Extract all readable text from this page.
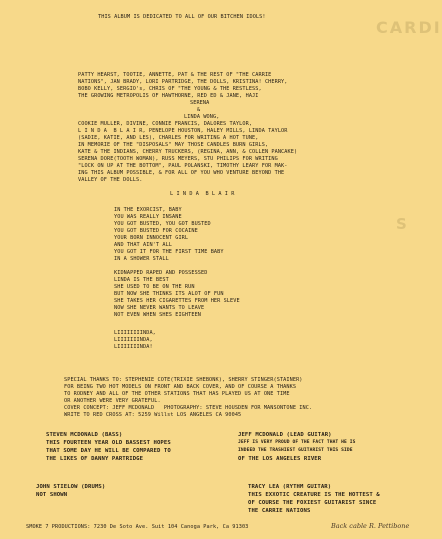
CARDI
S
THIS ALBUM IS DEDICATED TO ALL OF OUR BITCHEN IDOLS!
PATTY HEARST, TOOTIE, ANNETTE, PAT & THE REST OF "THE CARRIE
NATIONS", JAN BRADY, LORI PARTRIDGE, THE DOLLS, KRISTINA! CHERRY,
BOBO KELLY, SERGIO's, CHRIS OF "THE YOUNG & THE RESTLESS,
THE GROWING METROPOLIS OF HAWTHORNE, RED ED & JANE, HAJI
SERENA
&
LINDA WONG,
COOKIE MULLER, DIVINE, CONNIE FRANCIS, DALORES TAYLOR,
L I N D A  B L A I R, PENELOPE HOUSTON, HALEY MILLS, LINDA TAYLOR
(SADIE, KATIE, AND LES), CHARLES FOR WRITING A HOT TUNE,
IN MEMORIE OF THE "DISPOSALS" MAY THOSE CANDLES BURN GIRLS,
KATE & THE INDIANS, CHERRY TRUCKERS, (REGINA, ANN, & COLLEN PANCAKE)
SERENA DORE(TOOTH WOMAN), RUSS MEYERS, STU PHILIPS FOR WRITING
"LOCK ON UP AT THE BOTTOM", PAUL POLANSKI, TIMOTHY LEARY FOR MAK-
ING THIS ALBUM POSSIBLE, & FOR ALL OF YOU WHO VENTURE BEYOND THE
VALLEY OF THE DOLLS.
L I N D A  B L A I R
IN THE EXORCIST, BABY
YOU WAS REALLY INSANE
YOU GOT BUSTED, YOU GOT BUSTED
YOU GOT BUSTED FOR COCAINE
YOUR BORN INNOCENT GIRL
AND THAT AIN'T ALL
YOU GOT IT FOR THE FIRST TIME BABY
IN A SHOWER STALL
KIDNAPPED RAPED AND POSSESSED
LINDA IS THE BEST
SHE USED TO BE ON THE RUN
BUT NOW SHE THINKS ITS ALOT OF FUN
SHE TAKES HER CIGARETTES FROM HER SLEVE
NOW SHE NEVER WANTS TO LEAVE
NOT EVEN WHEN SHES EIGHTEEN
LIIIIIIIINDA,
LIIIIIIINDA,
LIIIIIIINDA!
SPECIAL THANKS TO: STEPHENIE COTE(TRIXIE SHEBONK), SHERRY STINGER(STAINER)
FOR BEING TWO HOT MODELS ON FRONT AND BACK COVER, AND OF COURSE A THANKS
TO RODNEY AND ALL OF THE OTHER STATIONS THAT HAS PLAYED US AT ONE TIME
OR ANOTHER WERE VERY GRATEFUL.
COVER CONCEPT: JEFF MCDONALD   PHOTOGRAPHY: STEVE HOUSDEN FOR MANSONTONE INC.
WRITE TO RED CROSS AT: 5259 Willst LOS ANGELES CA 90045
STEVEN MCDONALD (BASS)
THIS FOURTEEN YEAR OLD BASSEST HOPES
THAT SOME DAY HE WILL BE COMPARED TO
THE LIKES OF DANNY PARTRIDGE
JEFF MCDONALD (LEAD GUITAR)
JEFF IS VERY PROUD OF THE FACT THAT HE IS
INDEED THE TRASHIEST GUITARIST THIS SIDE
OF THE LOS ANGELES RIVER
JOHN STIELOW (DRUMS)
NOT SHOWN
TRACY LEA (RYTHM GUITAR)
THIS EXXOTIC CREATURE IS THE HOTTEST &
OF COURSE THE FOXIEST GUITARIST SINCE
THE CARRIE NATIONS
SMOKE 7 PRODUCTIONS: 7230 De Soto Ave. Suit 104 Canoga Park, Ca 91303	Back cable R. Pettibone
